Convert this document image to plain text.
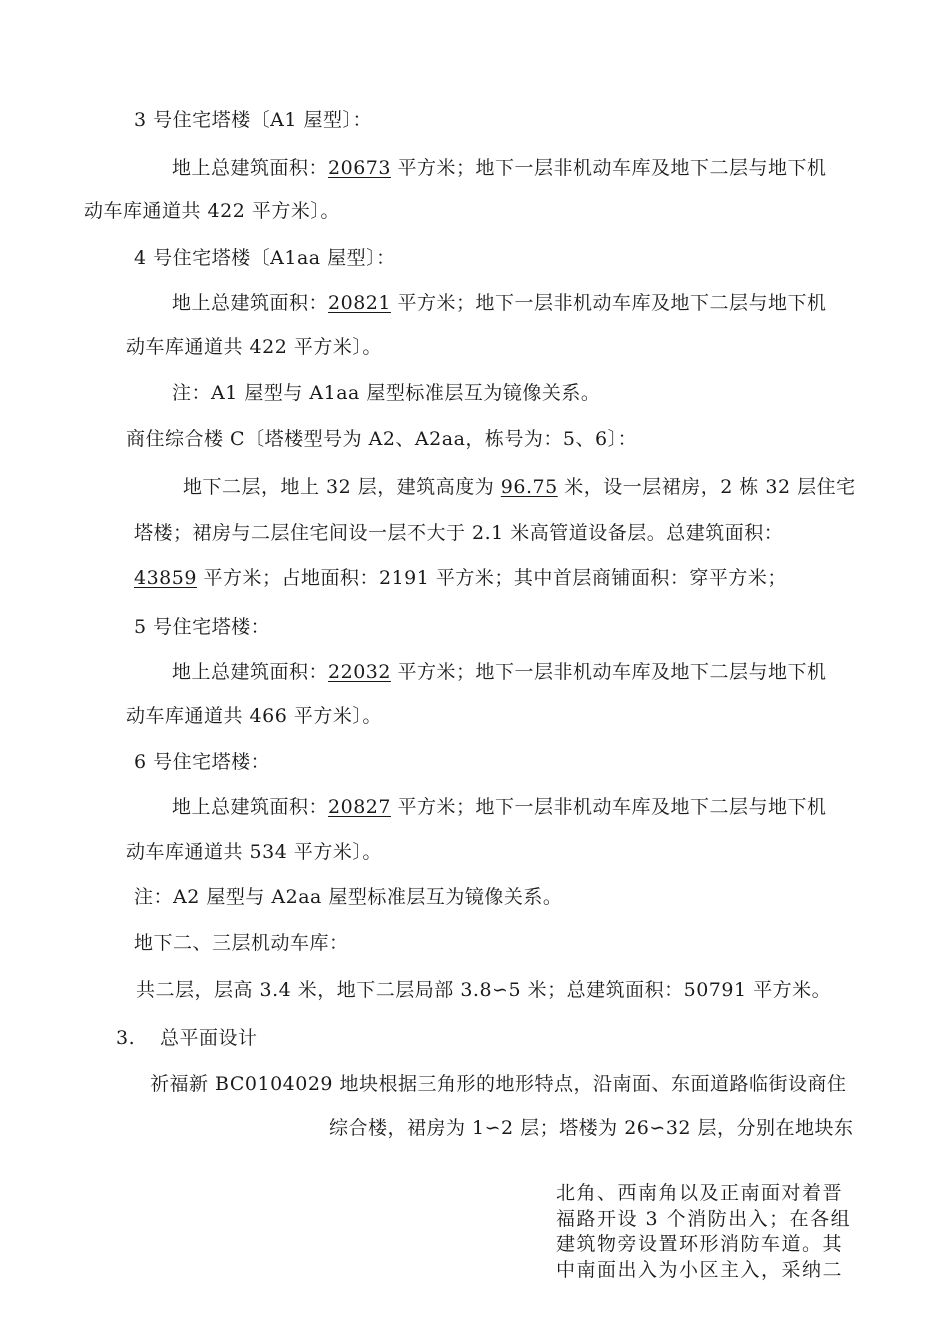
3 号住宅塔楼〔A1 屋型〕：
地上总建筑面积：20673 平方米；地下一层非机动车库及地下二层与地下机
动车库通道共 422 平方米〕。
4 号住宅塔楼〔A1aa 屋型〕：
地上总建筑面积：20821 平方米；地下一层非机动车库及地下二层与地下机
动车库通道共 422 平方米〕。
注：A1 屋型与 A1aa 屋型标准层互为镜像关系。
商住综合楼 C〔塔楼型号为 A2、A2aa，栋号为：5、6〕：
地下二层，地上 32 层，建筑高度为 96.75 米，设一层裙房，2 栋 32 层住宅
塔楼；裙房与二层住宅间设一层不大于 2.1 米高管道设备层。总建筑面积：
43859 平方米；占地面积：2191 平方米；其中首层商铺面积：穿平方米；
5 号住宅塔楼：
地上总建筑面积：22032 平方米；地下一层非机动车库及地下二层与地下机
动车库通道共 466 平方米〕。
6 号住宅塔楼：
地上总建筑面积：20827 平方米；地下一层非机动车库及地下二层与地下机
动车库通道共 534 平方米〕。
注：A2 屋型与 A2aa 屋型标准层互为镜像关系。
地下二、三层机动车库：
共二层，层高 3.4 米，地下二层局部 3.8∽5 米；总建筑面积：50791 平方米。
3. 总平面设计
祈福新 BC0104029 地块根据三角形的地形特点，沿南面、东面道路临街设商住
综合楼，裙房为 1∽2 层；塔楼为 26∽32 层，分别在地块东
北角、西南角以及正南面对着晋
福路开设 3 个消防出入；在各组
建筑物旁设置环形消防车道。其
中南面出入为小区主入，采纳二
